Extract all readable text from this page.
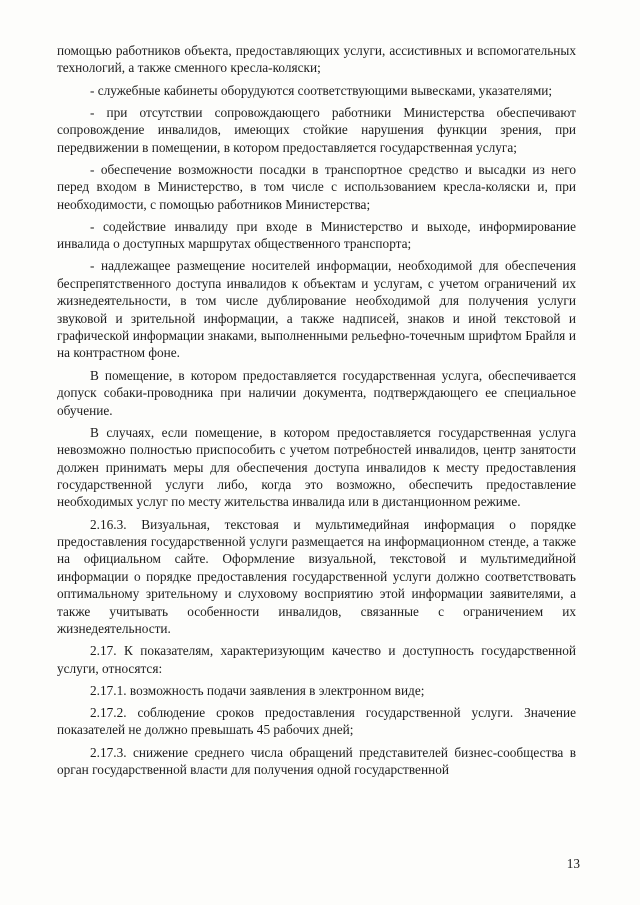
помощью работников объекта, предоставляющих услуги, ассистивных и вспомогательных технологий, а также сменного кресла-коляски;

- служебные кабинеты оборудуются соответствующими вывесками, указателями;

- при отсутствии сопровождающего работники Министерства обеспечивают сопровождение инвалидов, имеющих стойкие нарушения функции зрения, при передвижении в помещении, в котором предоставляется государственная услуга;

- обеспечение возможности посадки в транспортное средство и высадки из него перед входом в Министерство, в том числе с использованием кресла-коляски и, при необходимости, с помощью работников Министерства;

- содействие инвалиду при входе в Министерство и выходе, информирование инвалида о доступных маршрутах общественного транспорта;

- надлежащее размещение носителей информации, необходимой для обеспечения беспрепятственного доступа инвалидов к объектам и услугам, с учетом ограничений их жизнедеятельности, в том числе дублирование необходимой для получения услуги звуковой и зрительной информации, а также надписей, знаков и иной текстовой и графической информации знаками, выполненными рельефно-точечным шрифтом Брайля и на контрастном фоне.

В помещение, в котором предоставляется государственная услуга, обеспечивается допуск собаки-проводника при наличии документа, подтверждающего ее специальное обучение.

В случаях, если помещение, в котором предоставляется государственная услуга невозможно полностью приспособить с учетом потребностей инвалидов, центр занятости должен принимать меры для обеспечения доступа инвалидов к месту предоставления государственной услуги либо, когда это возможно, обеспечить предоставление необходимых услуг по месту жительства инвалида или в дистанционном режиме.

2.16.3. Визуальная, текстовая и мультимедийная информация о порядке предоставления государственной услуги размещается на информационном стенде, а также на официальном сайте. Оформление визуальной, текстовой и мультимедийной информации о порядке предоставления государственной услуги должно соответствовать оптимальному зрительному и слуховому восприятию этой информации заявителями, а также учитывать особенности инвалидов, связанные с ограничением их жизнедеятельности.

2.17. К показателям, характеризующим качество и доступность государственной услуги, относятся:

2.17.1. возможность подачи заявления в электронном виде;

2.17.2. соблюдение сроков предоставления государственной услуги. Значение показателей не должно превышать 45 рабочих дней;

2.17.3. снижение среднего числа обращений представителей бизнес-сообщества в орган государственной власти для получения одной государственной

13
